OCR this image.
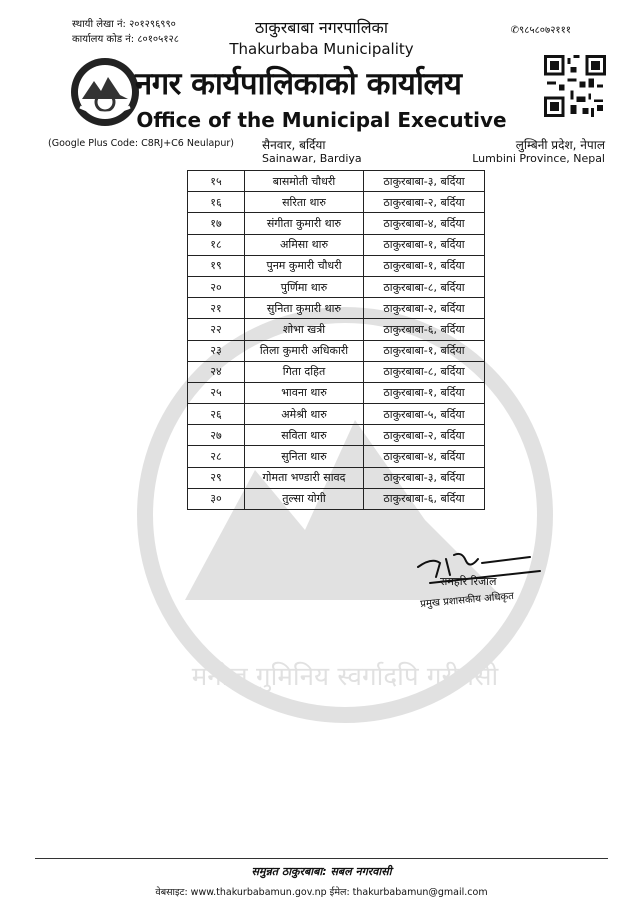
स्थायी लेखा नं: २०१२९६९९०
कार्यालय कोड नं: ८०१०५१२८
✆९८५८०७२१११
ठाकुरबाबा नगरपालिका
Thakurbaba Municipality
नगर कार्यपालिकाको कार्यालय
Office of the Municipal Executive
(Google Plus Code: C8RJ+C6 Neulapur) सैनवार, बर्दिया
Sainawar, Bardiya
लुम्बिनी प्रदेश, नेपाल
Lumbini Province, Nepal
मनोज गुमिनिय स्वर्गादपि गरीयसी
१५	बासमोती चौधरी	ठाकुरबाबा-३, बर्दिया
१६	सरिता थारु	ठाकुरबाबा-२, बर्दिया
१७	संगीता कुमारी थारु	ठाकुरबाबा-४, बर्दिया
१८	अमिसा थारु	ठाकुरबाबा-१, बर्दिया
१९	पुनम कुमारी चौधरी	ठाकुरबाबा-१, बर्दिया
२०	पुर्णिमा थारु	ठाकुरबाबा-८, बर्दिया
२१	सुनिता कुमारी थारु	ठाकुरबाबा-२, बर्दिया
२२	शोभा खत्री	ठाकुरबाबा-६, बर्दिया
२३	तिला कुमारी अधिकारी	ठाकुरबाबा-१, बर्दिया
२४	गिता दहित	ठाकुरबाबा-८, बर्दिया
२५	भावना थारु	ठाकुरबाबा-१, बर्दिया
२६	अमेश्री थारु	ठाकुरबाबा-५, बर्दिया
२७	सविता थारु	ठाकुरबाबा-२, बर्दिया
२८	सुनिता थारु	ठाकुरबाबा-४, बर्दिया
२९	गोमता भण्डारी सावद	ठाकुरबाबा-३, बर्दिया
३०	तुल्सा योगी	ठाकुरबाबा-६, बर्दिया
रामहरि रिजाल
प्रमुख प्रशासकीय अधिकृत
समुन्नत ठाकुरबाबा: सबल नगरवासी
वेबसाइट: www.thakurbabamun.gov.np ईमेल: thakurbabamun@gmail.com
